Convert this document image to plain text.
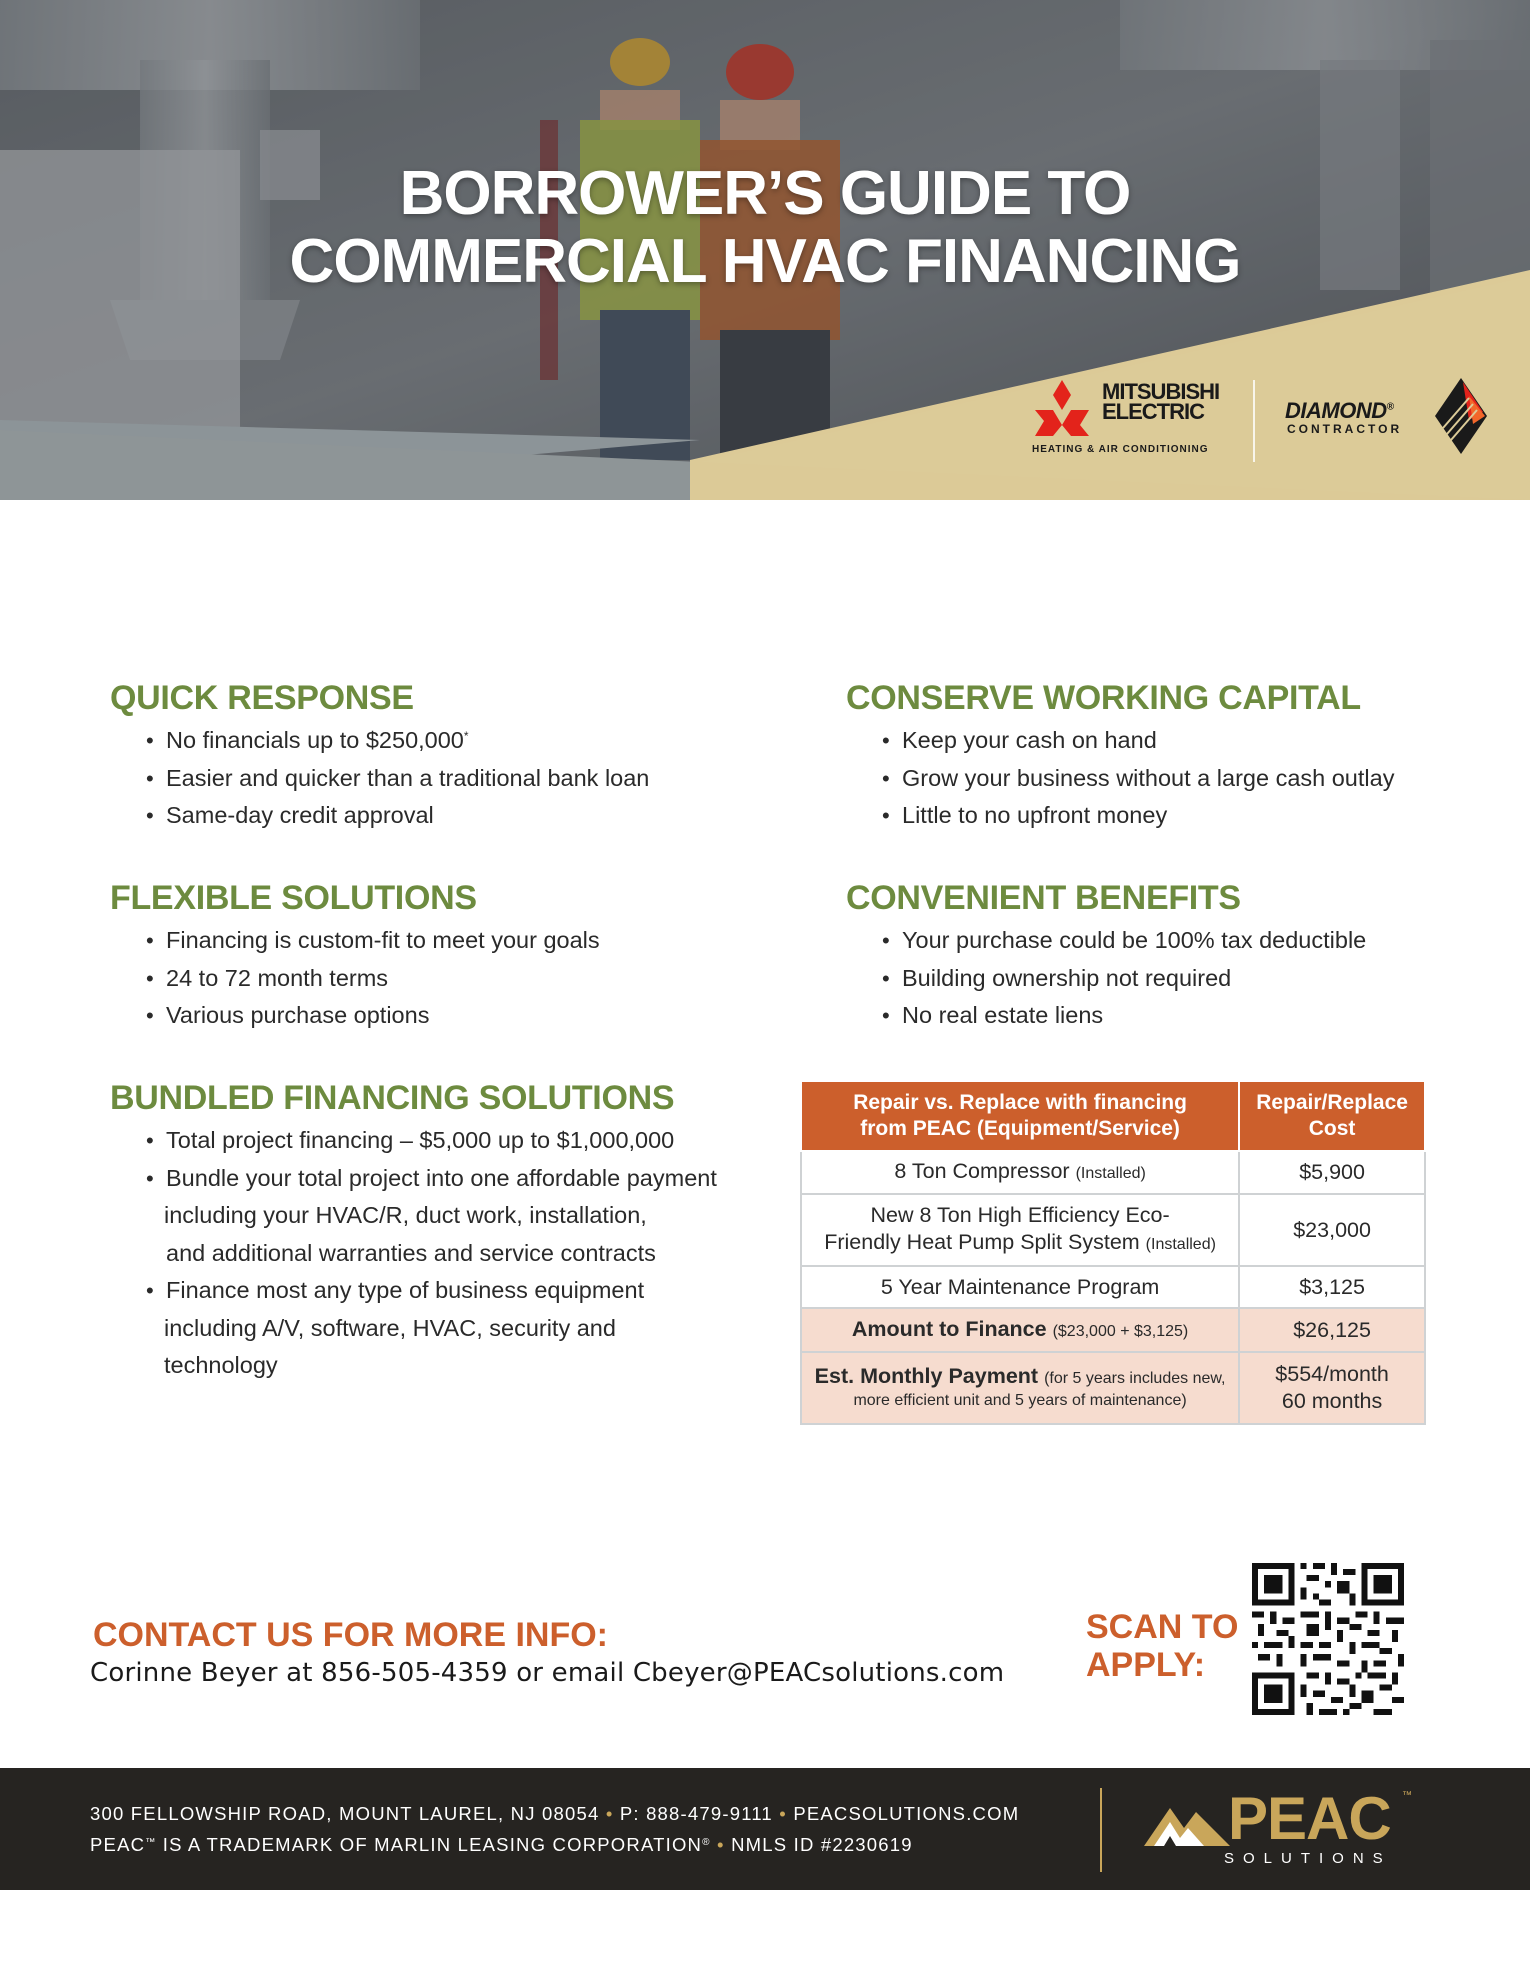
BORROWER’S GUIDE TO
COMMERCIAL HVAC FINANCING
MITSUBISHI
ELECTRIC
HEATING & AIR CONDITIONING
DIAMOND®
CONTRACTOR
QUICK RESPONSE
• No financials up to $250,000*
• Easier and quicker than a traditional bank loan
• Same-day credit approval
FLEXIBLE SOLUTIONS
• Financing is custom-fit to meet your goals
• 24 to 72 month terms
• Various purchase options
BUNDLED FINANCING SOLUTIONS
• Total project financing – $5,000 up to $1,000,000
• Bundle your total project into one affordable payment
including your HVAC/R, duct work, installation,
and additional warranties and service contracts
• Finance most any type of business equipment
including A/V, software, HVAC, security and
technology
CONSERVE WORKING CAPITAL
• Keep your cash on hand
• Grow your business without a large cash outlay
• Little to no upfront money
CONVENIENT BENEFITS
• Your purchase could be 100% tax deductible
• Building ownership not required
• No real estate liens
Repair vs. Replace with financing
from PEAC (Equipment/Service)	Repair/Replace
Cost

8 Ton Compressor (Installed)	$5,900

New 8 Ton High Efficiency Eco-
Friendly Heat Pump Split System (Installed)	$23,000
5 Year Maintenance Program	$3,125
Amount to Finance ($23,000 + $3,125)	$26,125

Est. Monthly Payment (for 5 years includes new,
more efficient unit and 5 years of maintenance)	$554/month
60 months
CONTACT US FOR MORE INFO:
Corinne Beyer at 856-505-4359 or email Cbeyer@PEACsolutions.com
SCAN TO
APPLY:
300 FELLOWSHIP ROAD, MOUNT LAUREL, NJ 08054 • P: 888-479-9111 • PEACSOLUTIONS.COM
PEAC™ IS A TRADEMARK OF MARLIN LEASING CORPORATION® • NMLS ID #2230619	PEAC ™
SOLUTIONS
